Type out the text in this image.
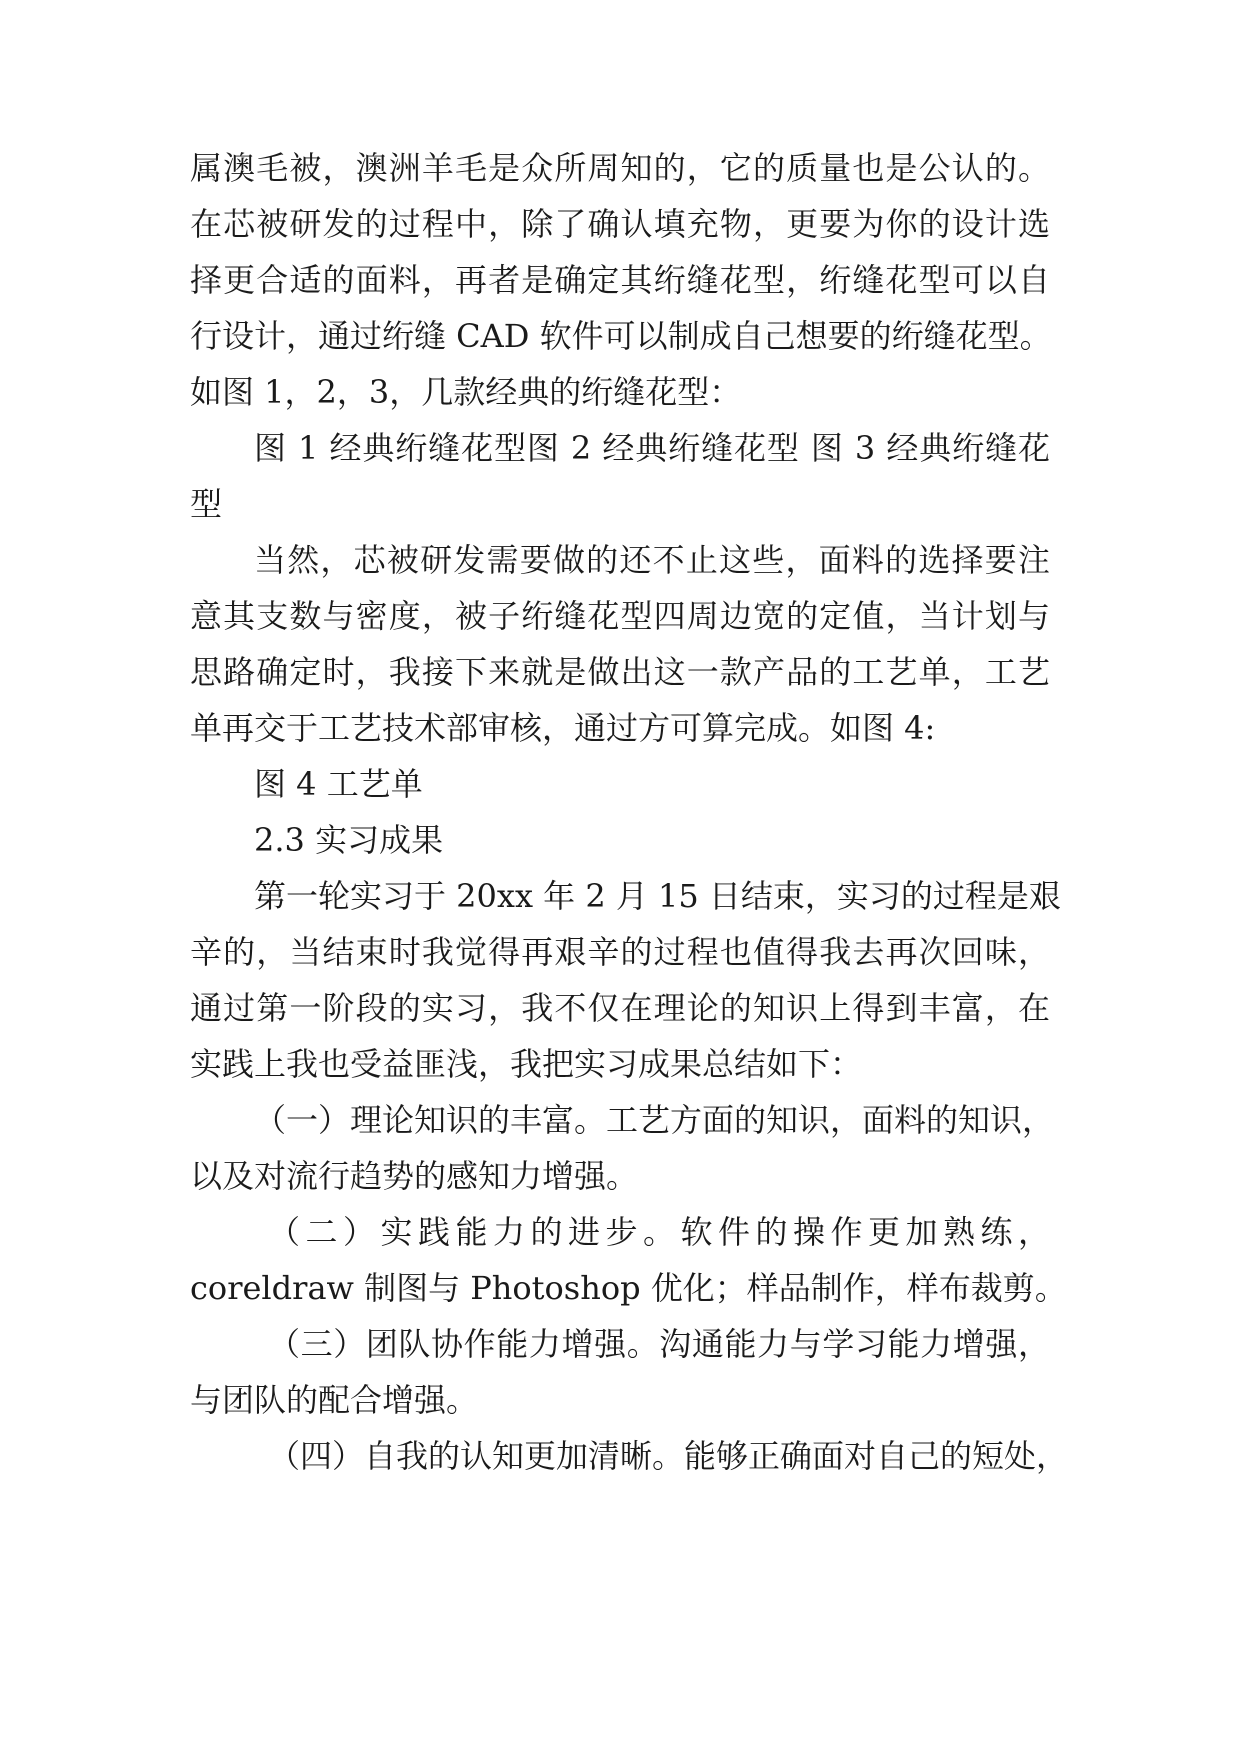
属澳毛被，澳洲羊毛是众所周知的，它的质量也是公认的。

在芯被研发的过程中，除了确认填充物，更要为你的设计选

择更合适的面料，再者是确定其绗缝花型，绗缝花型可以自

行设计，通过绗缝 CAD 软件可以制成自己想要的绗缝花型。

如图 1，2，3，几款经典的绗缝花型：

图 1 经典绗缝花型图 2 经典绗缝花型 图 3 经典绗缝花

型

当然，芯被研发需要做的还不止这些，面料的选择要注

意其支数与密度，被子绗缝花型四周边宽的定值，当计划与

思路确定时，我接下来就是做出这一款产品的工艺单，工艺

单再交于工艺技术部审核，通过方可算完成。如图 4:

图 4 工艺单

2.3 实习成果

第一轮实习于 20xx 年 2 月 15 日结束，实习的过程是艰

辛的，当结束时我觉得再艰辛的过程也值得我去再次回味，

通过第一阶段的实习，我不仅在理论的知识上得到丰富，在

实践上我也受益匪浅，我把实习成果总结如下：

（一）理论知识的丰富。工艺方面的知识，面料的知识，

以及对流行趋势的感知力增强。

（二）实践能力的进步。软件的操作更加熟练，

coreldraw 制图与 Photoshop 优化；样品制作，样布裁剪。

（三）团队协作能力增强。沟通能力与学习能力增强，

与团队的配合增强。

（四）自我的认知更加清晰。能够正确面对自己的短处，
